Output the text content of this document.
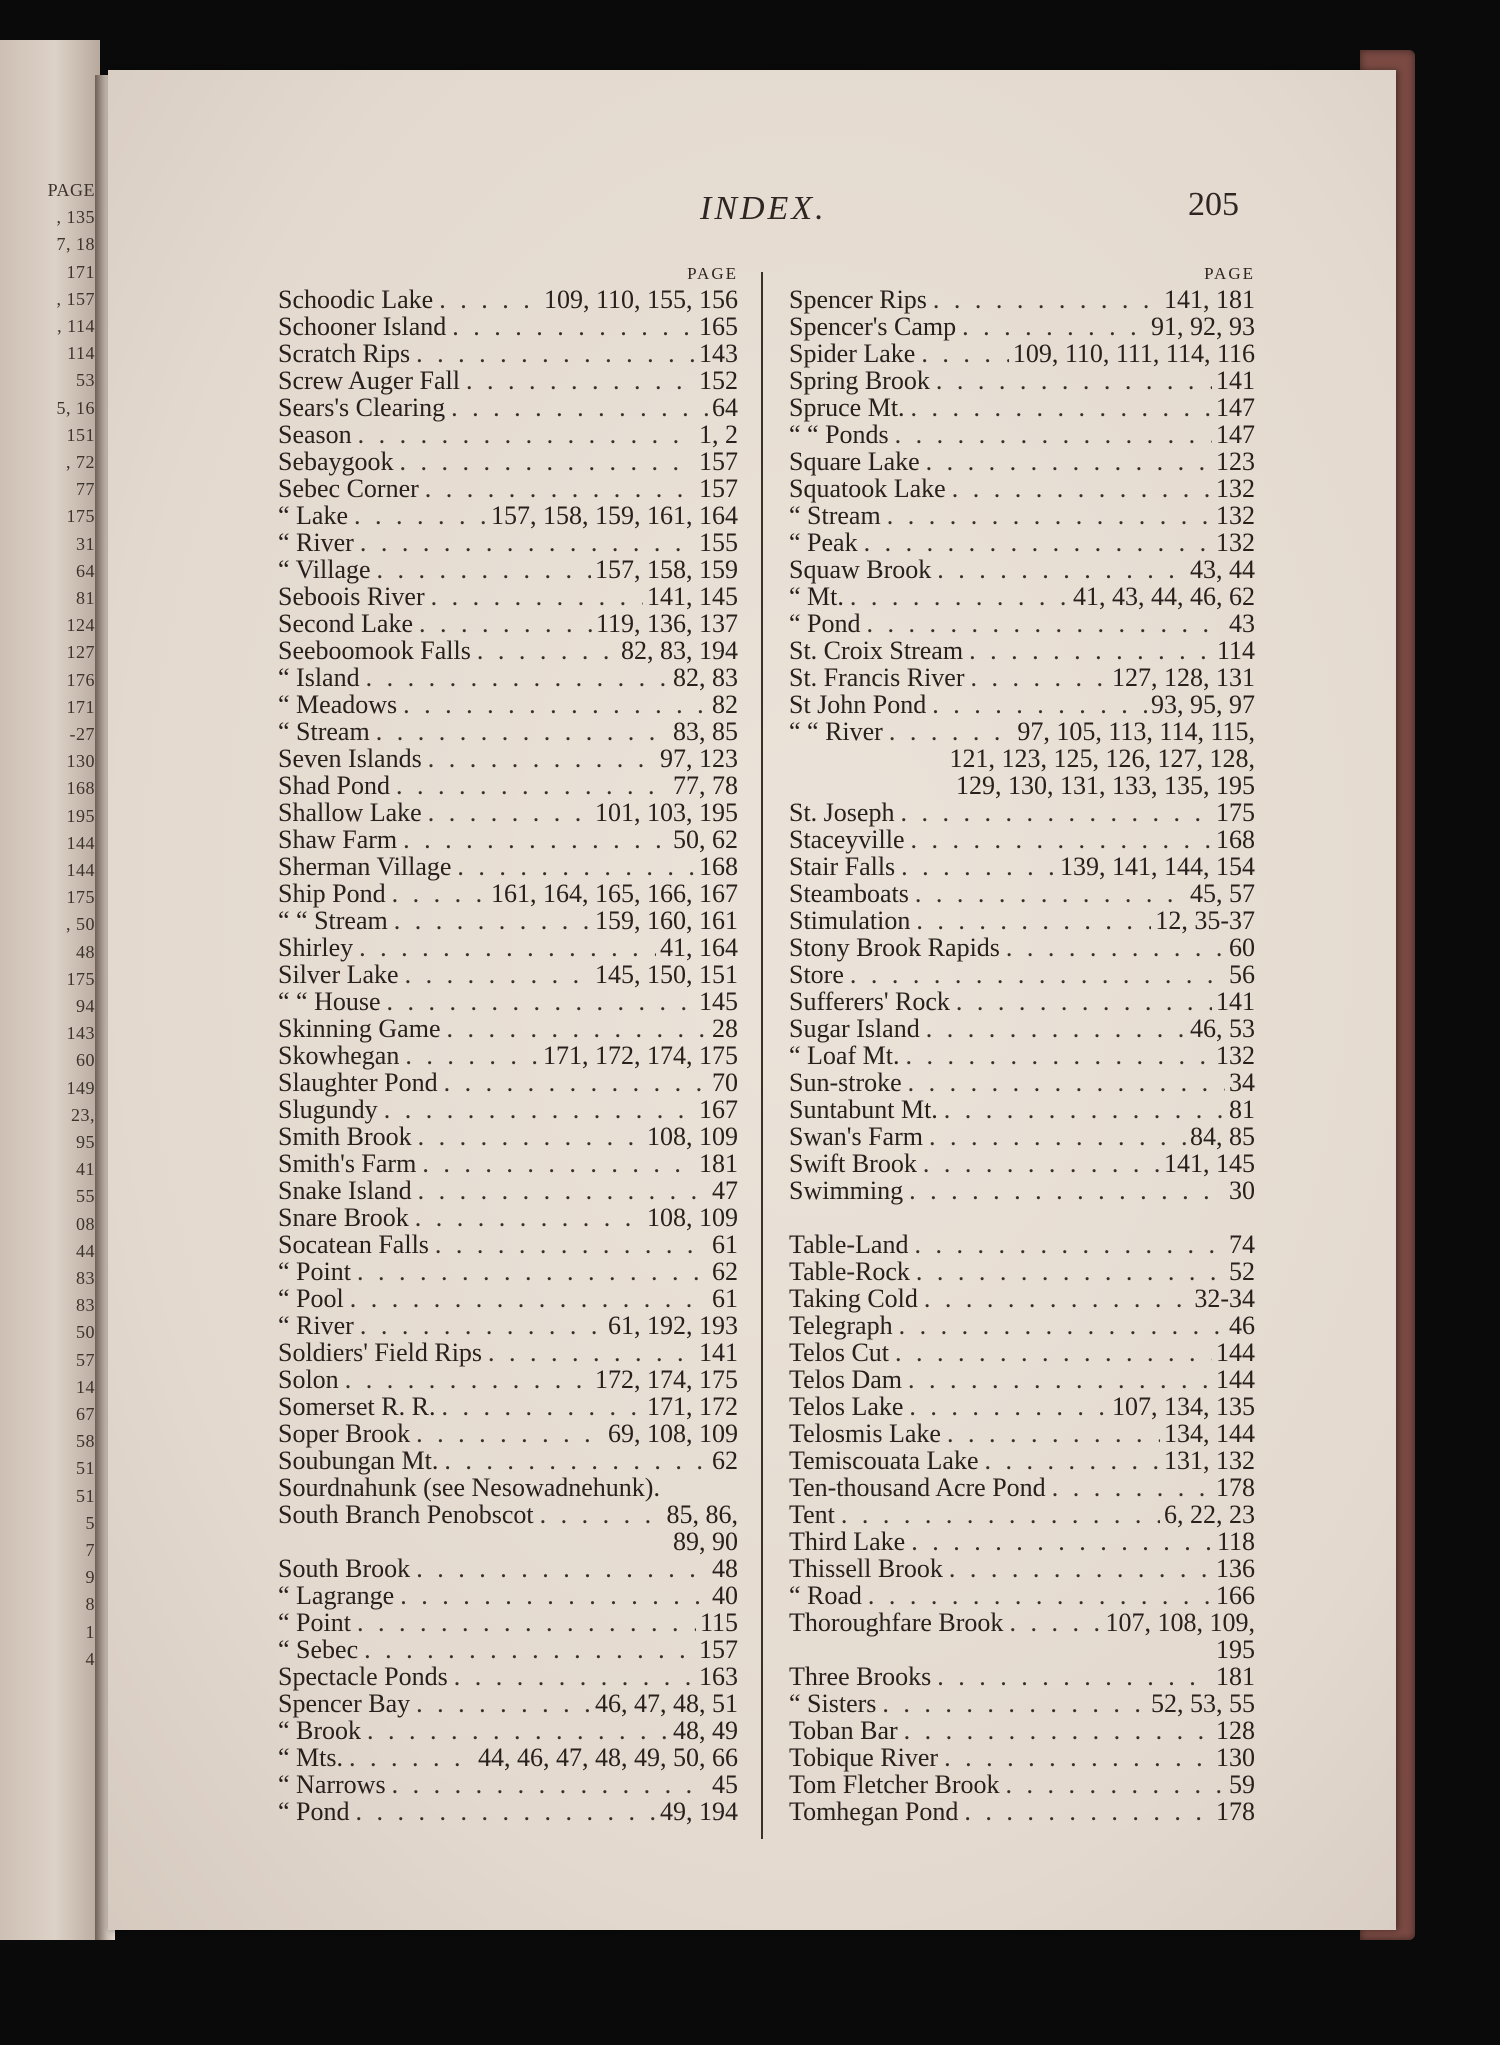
PAGE
, 135
7, 18
171
, 157
, 114
114
53
5, 16
151
, 72
77
175
31
64
81
124
127
176
171
-27
130
168
195
144
144
175
, 50
48
175
94
143
60
149
23,
95
41
55
08
44
83
83
50
57
14
67
58
51
51
5
7
9
8
1
4
INDEX.	205
PAGE
Schoodic Lake . . .	109, 110, 155, 156
Schooner Island . . .	165
Scratch Rips . . .	143
Screw Auger Fall . . .	152
Sears's Clearing . . .	64
Season . . .	1, 2
Sebaygook . . .	157
Sebec Corner . . .	157
“ Lake . . .	157, 158, 159, 161, 164
“ River . . .	155
“ Village . . .	157, 158, 159
Seboois River . . .	141, 145
Second Lake . . .	119, 136, 137
Seeboomook Falls . . .	82, 83, 194
“ Island . . .	82, 83
“ Meadows . . .	82
“ Stream . . .	83, 85
Seven Islands . . .	97, 123
Shad Pond . . .	77, 78
Shallow Lake . . .	101, 103, 195
Shaw Farm . . .	50, 62
Sherman Village . . .	168
Ship Pond . . .	161, 164, 165, 166, 167
“ “ Stream . . .	159, 160, 161
Shirley . . .	41, 164
Silver Lake . . .	145, 150, 151
“ “ House . . .	145
Skinning Game . . .	28
Skowhegan . . .	171, 172, 174, 175
Slaughter Pond . . .	70
Slugundy . . .	167
Smith Brook . . .	108, 109
Smith's Farm . . .	181
Snake Island . . .	47
Snare Brook . . .	108, 109
Socatean Falls . . .	61
“ Point . . .	62
“ Pool . . .	61
“ River . . .	61, 192, 193
Soldiers' Field Rips . . .	141
Solon . . .	172, 174, 175
Somerset R. R. . . .	171, 172
Soper Brook . . .	69, 108, 109
Soubungan Mt. . . .	62
Sourdnahunk (see Nesowadnehunk).
South Branch Penobscot . . .	85, 86,
89, 90
South Brook . . .	48
“ Lagrange . . .	40
“ Point . . .	115
“ Sebec . . .	157
Spectacle Ponds . . .	163
Spencer Bay . . .	46, 47, 48, 51
“ Brook . . .	48, 49
“ Mts. . . .	44, 46, 47, 48, 49, 50, 66
“ Narrows . . .	45
“ Pond . . .	49, 194
PAGE
Spencer Rips . . .	141, 181
Spencer's Camp . . .	91, 92, 93
Spider Lake . . .	109, 110, 111, 114, 116
Spring Brook . . .	141
Spruce Mt. . . .	147
“ “ Ponds . . .	147
Square Lake . . .	123
Squatook Lake . . .	132
“ Stream . . .	132
“ Peak . . .	132
Squaw Brook . . .	43, 44
“ Mt. . . .	41, 43, 44, 46, 62
“ Pond . . .	43
St. Croix Stream . . .	114
St. Francis River . . .	127, 128, 131
St John Pond . . .	93, 95, 97
“ “ River . . .	97, 105, 113, 114, 115,
121, 123, 125, 126, 127, 128,
129, 130, 131, 133, 135, 195
St. Joseph . . .	175
Staceyville . . .	168
Stair Falls . . .	139, 141, 144, 154
Steamboats . . .	45, 57
Stimulation . . .	12, 35-37
Stony Brook Rapids . . .	60
Store . . .	56
Sufferers' Rock . . .	141
Sugar Island . . .	46, 53
“ Loaf Mt. . . .	132
Sun-stroke . . .	34
Suntabunt Mt. . . .	81
Swan's Farm . . .	84, 85
Swift Brook . . .	141, 145
Swimming . . .	30
Table-Land . . .	74
Table-Rock . . .	52
Taking Cold . . .	32-34
Telegraph . . .	46
Telos Cut . . .	144
Telos Dam . . .	144
Telos Lake . . .	107, 134, 135
Telosmis Lake . . .	134, 144
Temiscouata Lake . . .	131, 132
Ten-thousand Acre Pond . . .	178
Tent . . .	6, 22, 23
Third Lake . . .	118
Thissell Brook . . .	136
“ Road . . .	166
Thoroughfare Brook . . .	107, 108, 109,
195
Three Brooks . . .	181
“ Sisters . . .	52, 53, 55
Toban Bar . . .	128
Tobique River . . .	130
Tom Fletcher Brook . . .	59
Tomhegan Pond . . .	178
